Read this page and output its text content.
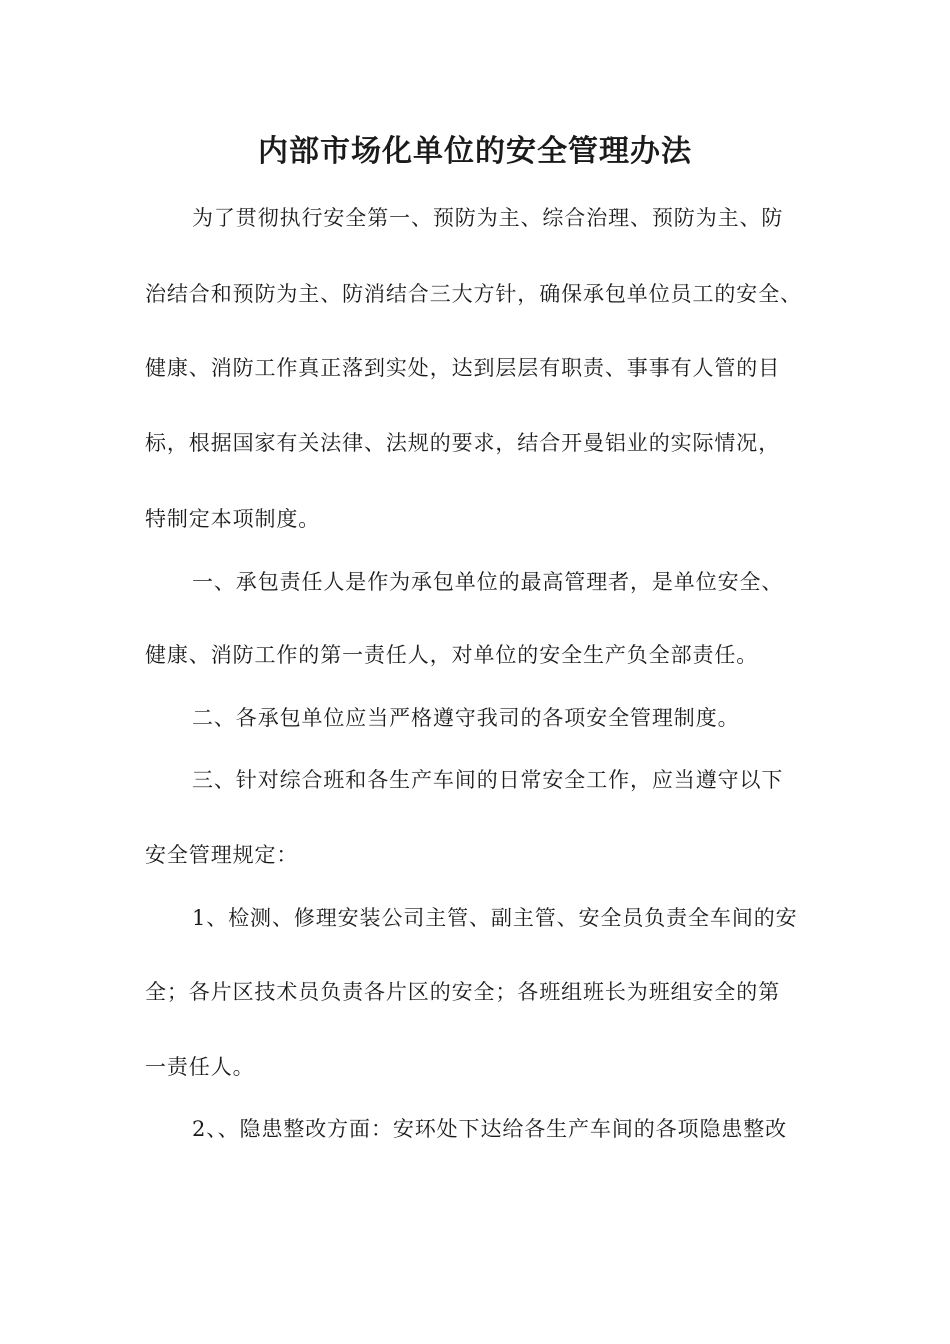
内部市场化单位的安全管理办法
为了贯彻执行安全第一、预防为主、综合治理、预防为主、防
治结合和预防为主、防消结合三大方针，确保承包单位员工的安全、
健康、消防工作真正落到实处，达到层层有职责、事事有人管的目
标，根据国家有关法律、法规的要求，结合开曼铝业的实际情况，
特制定本项制度。
一、承包责任人是作为承包单位的最高管理者，是单位安全、
健康、消防工作的第一责任人，对单位的安全生产负全部责任。
二、各承包单位应当严格遵守我司的各项安全管理制度。
三、针对综合班和各生产车间的日常安全工作，应当遵守以下
安全管理规定：
1、检测、修理安装公司主管、副主管、安全员负责全车间的安
全；各片区技术员负责各片区的安全；各班组班长为班组安全的第
一责任人。
2、、隐患整改方面：安环处下达给各生产车间的各项隐患整改
